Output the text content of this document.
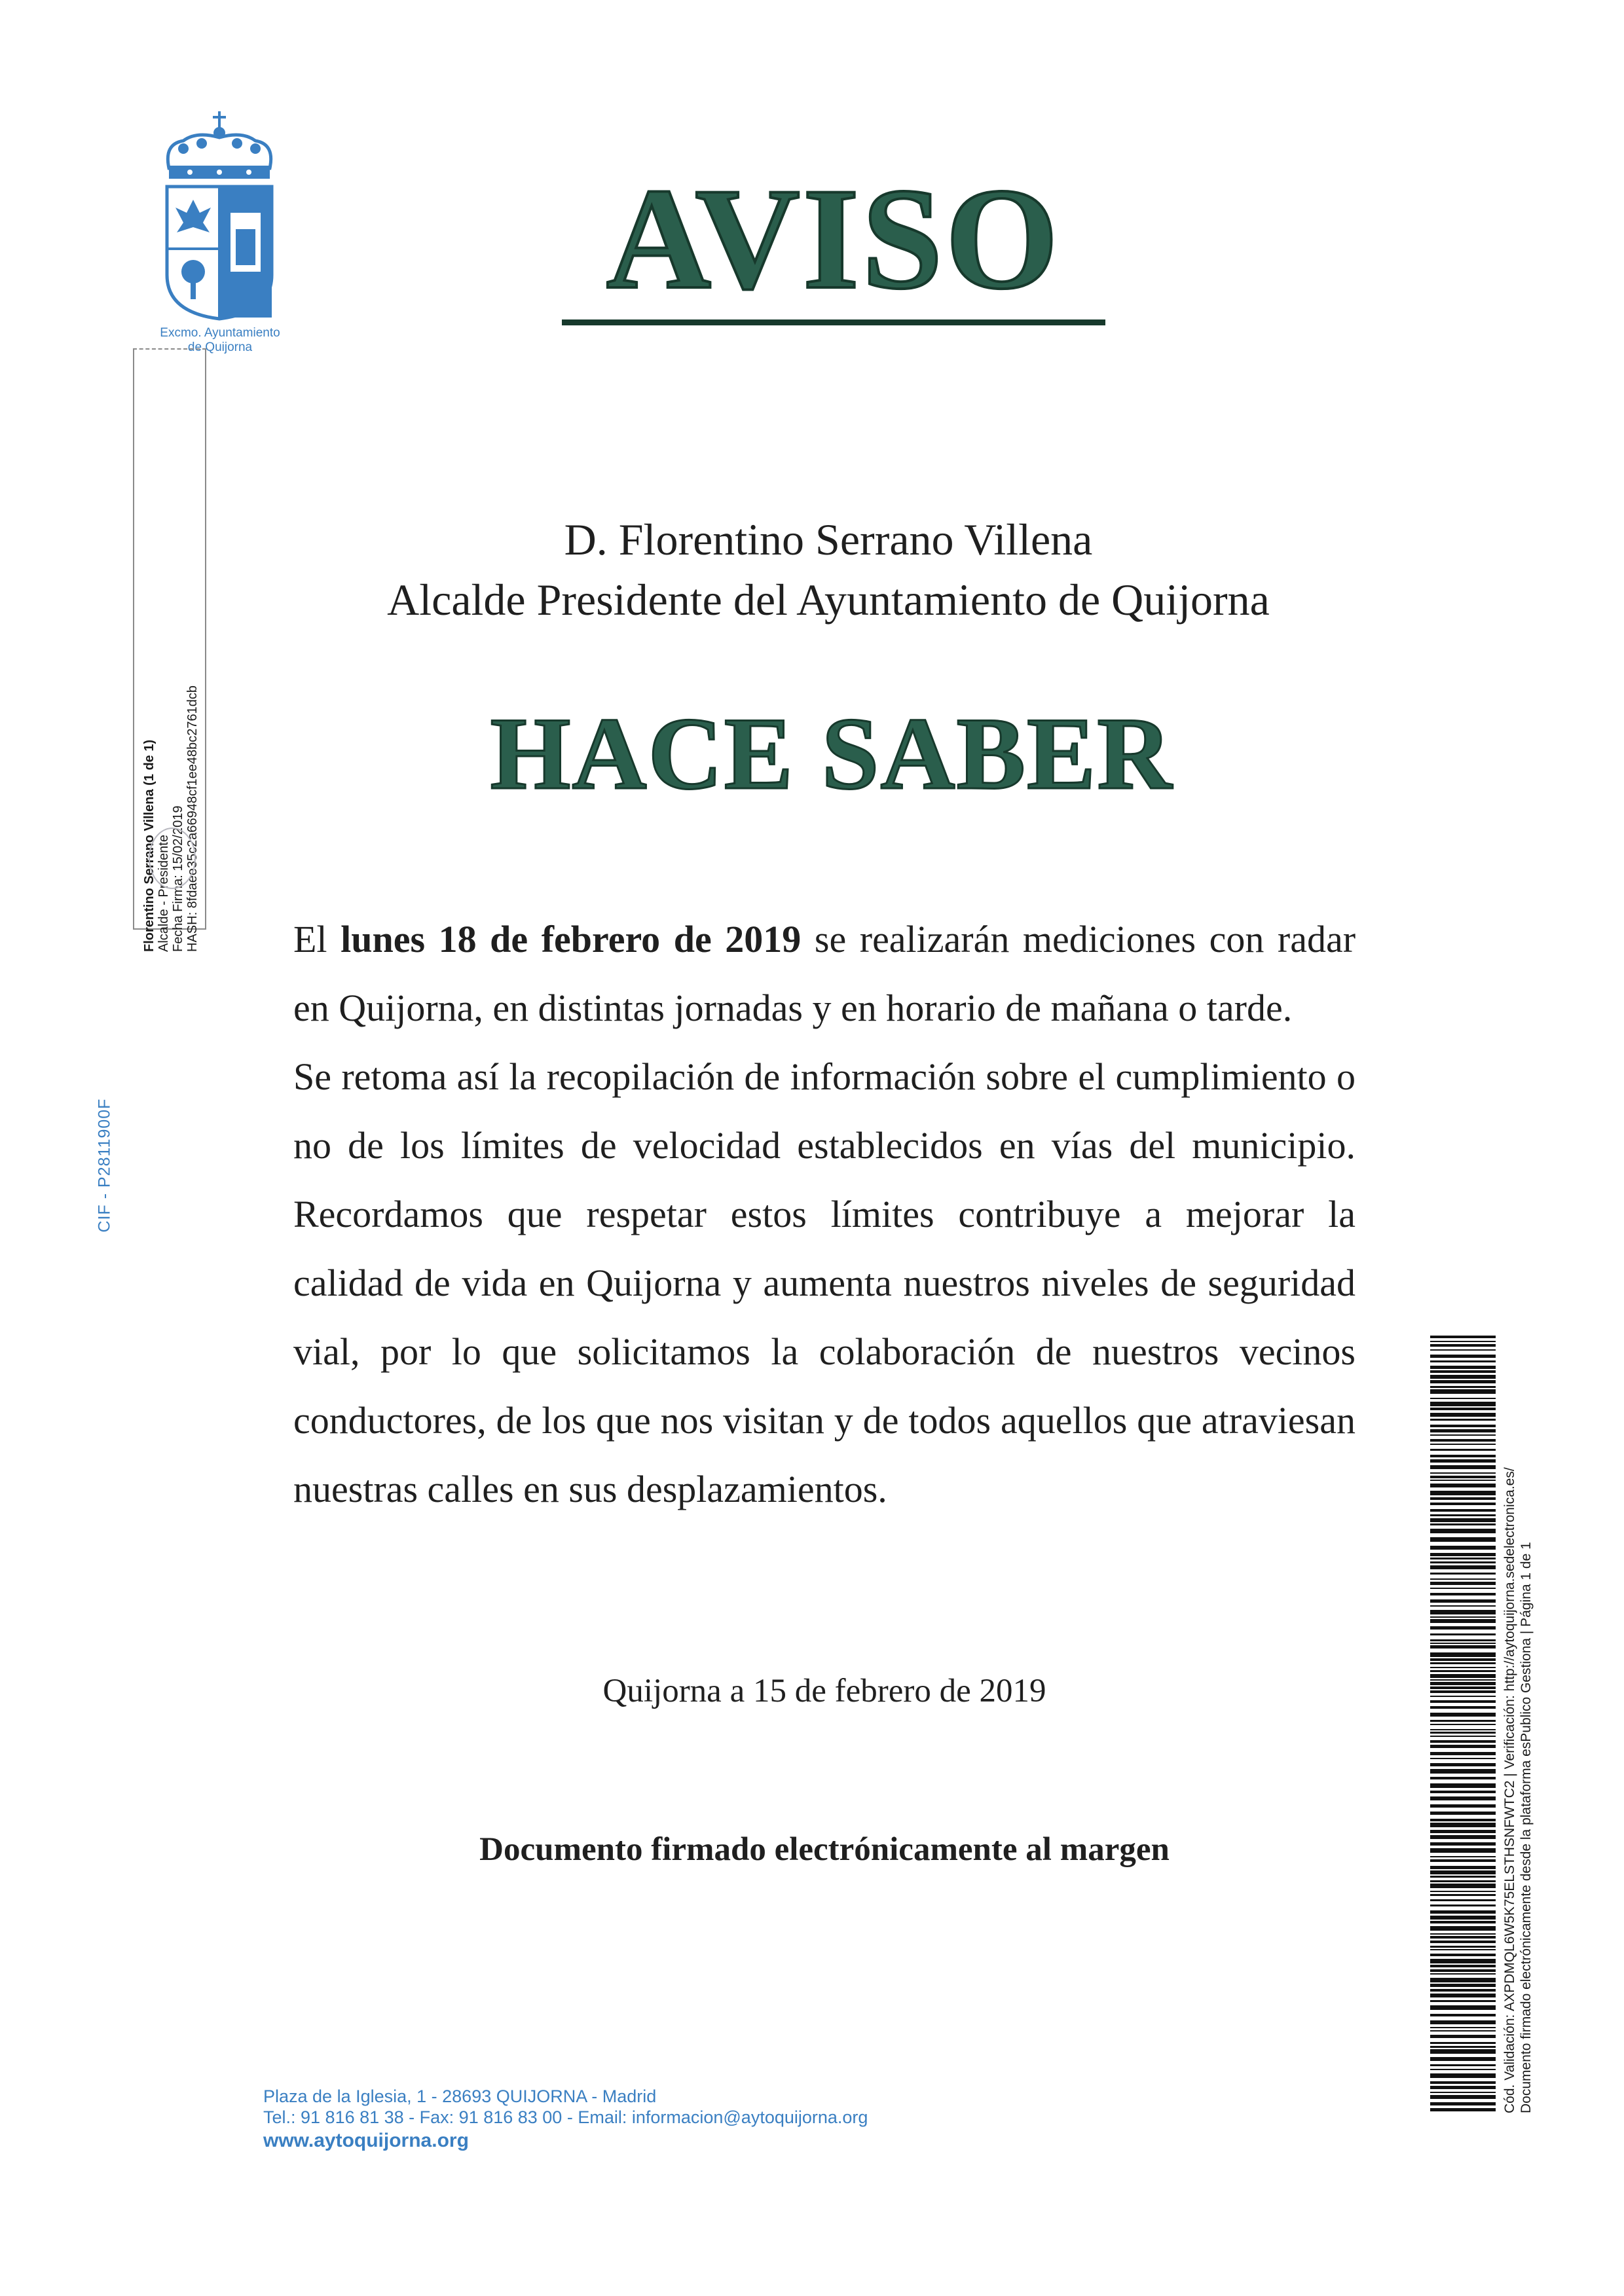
Excmo. Ayuntamiento
de Quijorna
Florentino Serrano Villena (1 de 1) Alcalde - Presidente Fecha Firma: 15/02/2019 HASH: 8fdaee35c2a66948cf1ee48bc2761dcb
CIF - P2811900F
AVISO
D. Florentino Serrano Villena
Alcalde Presidente del Ayuntamiento de Quijorna
HACE SABER

El lunes 18 de febrero de 2019 se realizarán mediciones con radar en Quijorna, en distintas jornadas y en horario de mañana o tarde.

Se retoma así la recopilación de información sobre el cumplimiento o no de los límites de velocidad establecidos en vías del municipio. Recordamos que respetar estos límites contribuye a mejorar la calidad de vida en Quijorna y aumenta nuestros niveles de seguridad vial, por lo que solicitamos la colaboración de nuestros vecinos conductores, de los que nos visitan y de todos aquellos que atraviesan nuestras calles en sus desplazamientos.

Quijorna a 15 de febrero de 2019
Documento firmado electrónicamente al margen
Plaza de la Iglesia, 1 - 28693 QUIJORNA - Madrid
Tel.: 91 816 81 38 - Fax: 91 816 83 00 - Email: informacion@aytoquijorna.org
www.aytoquijorna.org
Cód. Validación: AXPDMQL6W5K75ELSTHSNFWTC2 | Verificación: http://aytoquijorna.sedelectronica.es/ Documento firmado electrónicamente desde la plataforma esPublico Gestiona | Página 1 de 1
